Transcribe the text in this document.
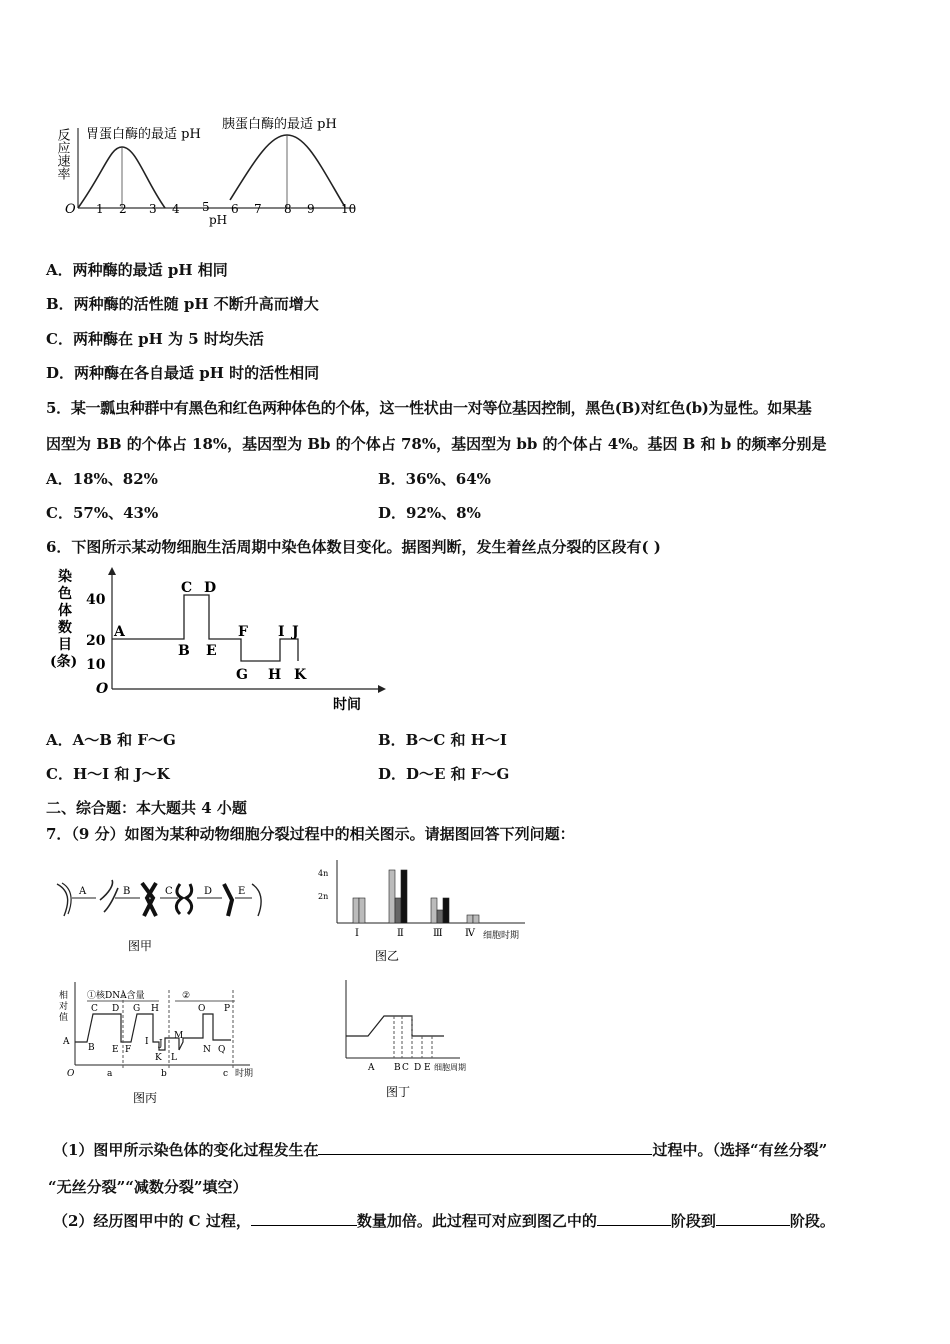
反应速率 胃蛋白酶的最适 pH
胰蛋白酶的最适 pH
O
pH
1 2 3 4 5 6 7 8 9 10
A．两种酶的最适 pH 相同
B．两种酶的活性随 pH 不断升高而增大
C．两种酶在 pH 为 5 时均失活
D．两种酶在各自最适 pH 时的活性相同
5．某一瓢虫种群中有黑色和红色两种体色的个体，这一性状由一对等位基因控制，黑色(B)对红色(b)为显性。如果基
因型为 BB 的个体占 18%，基因型为 Bb 的个体占 78%，基因型为 bb 的个体占 4%。基因 B 和 b 的频率分别是
A．18%、82%	B．36%、64%
C．57%、43%	D．92%、8%
6．下图所示某动物细胞生活周期中染色体数目变化。据图判断，发生着丝点分裂的区段有( )
染
色
体
数
目
(条)
40
20
10
O
A
B
C D
E
F
G H
I J
K
时间
A．A～B 和 F～G	B．B～C 和 H～I
C．H～I 和 J～K	D．D～E 和 F～G
二、综合题：本大题共 4 小题
7．（9 分）如图为某种动物细胞分裂过程中的相关图示。请据图回答下列问题：
A	B	C	D	E
图甲
4n
2n
Ⅰ	Ⅱ	Ⅲ Ⅳ 细胞时期
图乙
相
对
值
①核DNA含量	②
A
B
C D
E F
G H
I J
K L
M
N
O P
Q
O	a	b	c 时期
图丙
A B C D E 细胞周期
图丁
（1）图甲所示染色体的变化过程发生在	过程中。（选择“有丝分裂”
“无丝分裂”“减数分裂”填空）
（2）经历图甲中的 C 过程，	数量加倍。此过程可对应到图乙中的	阶段到	阶段。
